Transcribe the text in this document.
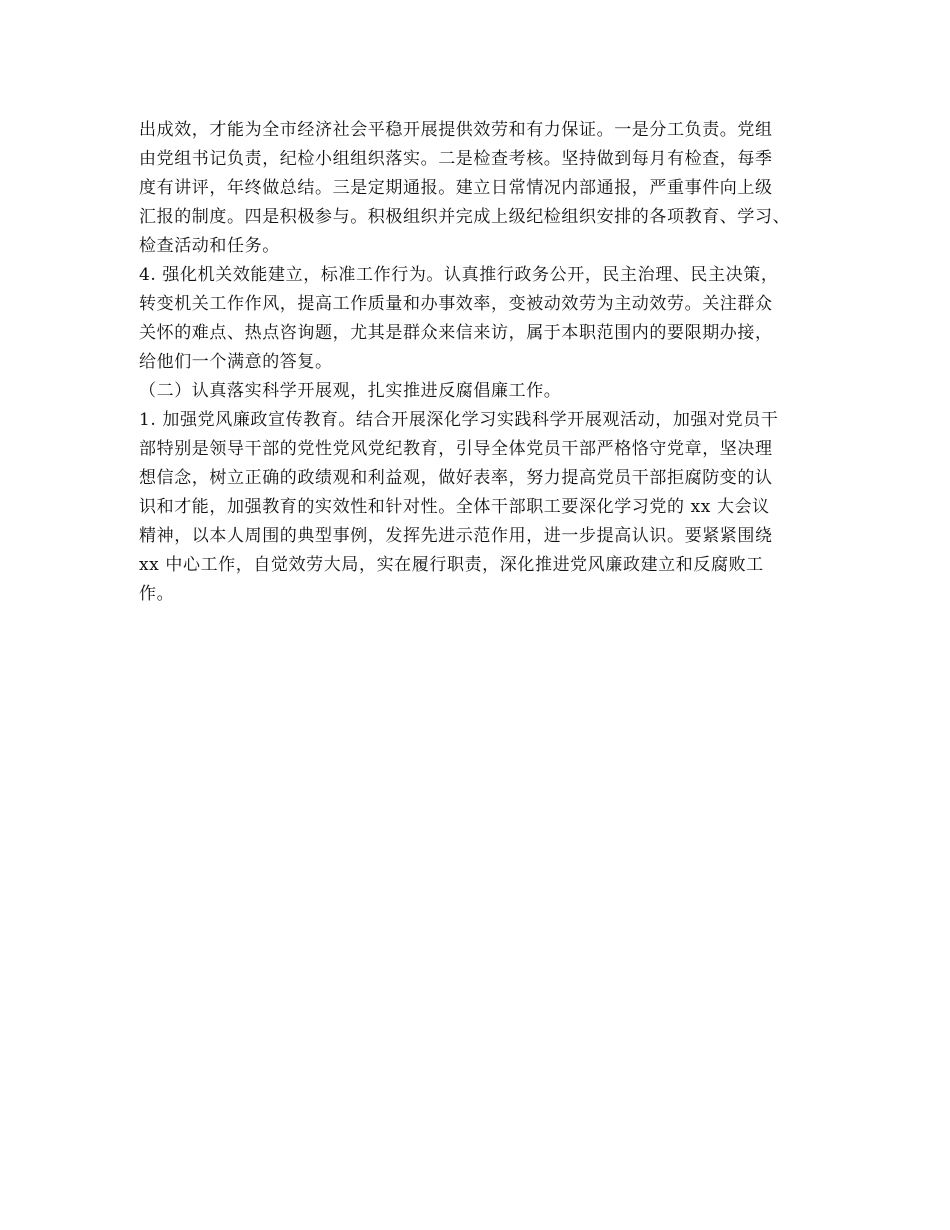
出成效，才能为全市经济社会平稳开展提供效劳和有力保证。一是分工负责。党组
由党组书记负责，纪检小组组织落实。二是检查考核。坚持做到每月有检查，每季
度有讲评，年终做总结。三是定期通报。建立日常情况内部通报，严重事件向上级
汇报的制度。四是积极参与。积极组织并完成上级纪检组织安排的各项教育、学习、
检查活动和任务。
4. 强化机关效能建立，标准工作行为。认真推行政务公开，民主治理、民主决策，
转变机关工作作风，提高工作质量和办事效率，变被动效劳为主动效劳。关注群众
关怀的难点、热点咨询题，尤其是群众来信来访，属于本职范围内的要限期办接，
给他们一个满意的答复。
（二）认真落实科学开展观，扎实推进反腐倡廉工作。
1. 加强党风廉政宣传教育。结合开展深化学习实践科学开展观活动，加强对党员干
部特别是领导干部的党性党风党纪教育，引导全体党员干部严格恪守党章，坚决理
想信念，树立正确的政绩观和利益观，做好表率，努力提高党员干部拒腐防变的认
识和才能，加强教育的实效性和针对性。全体干部职工要深化学习党的 xx 大会议
精神，以本人周围的典型事例，发挥先进示范作用，进一步提高认识。要紧紧围绕
xx 中心工作，自觉效劳大局，实在履行职责，深化推进党风廉政建立和反腐败工
作。
